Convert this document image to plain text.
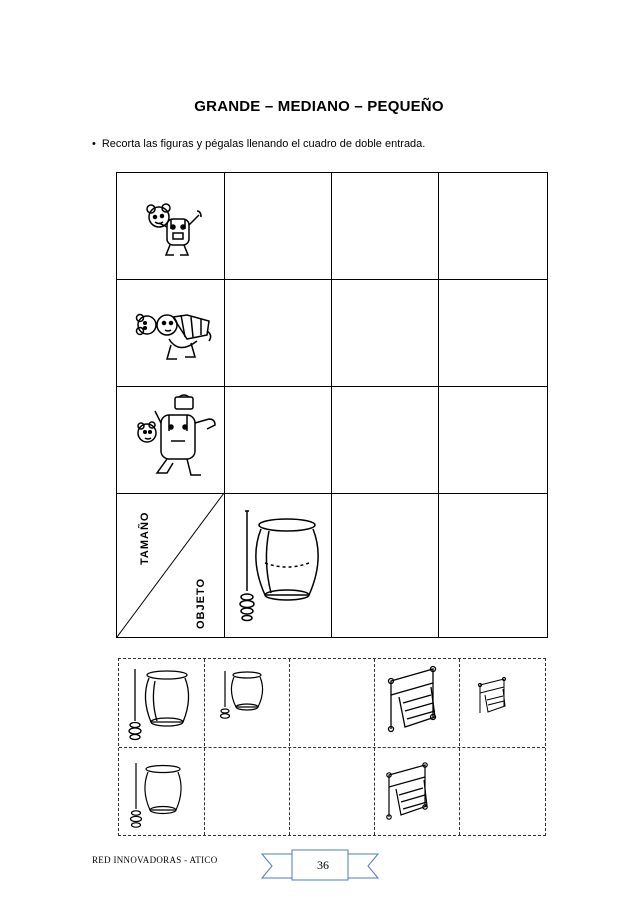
GRANDE – MEDIANO – PEQUEÑO
• Recorta las figuras y pégalas llenando el cuadro de doble entrada.
TAMAÑO
OBJETO
RED INNOVADORAS - ATICO	36
